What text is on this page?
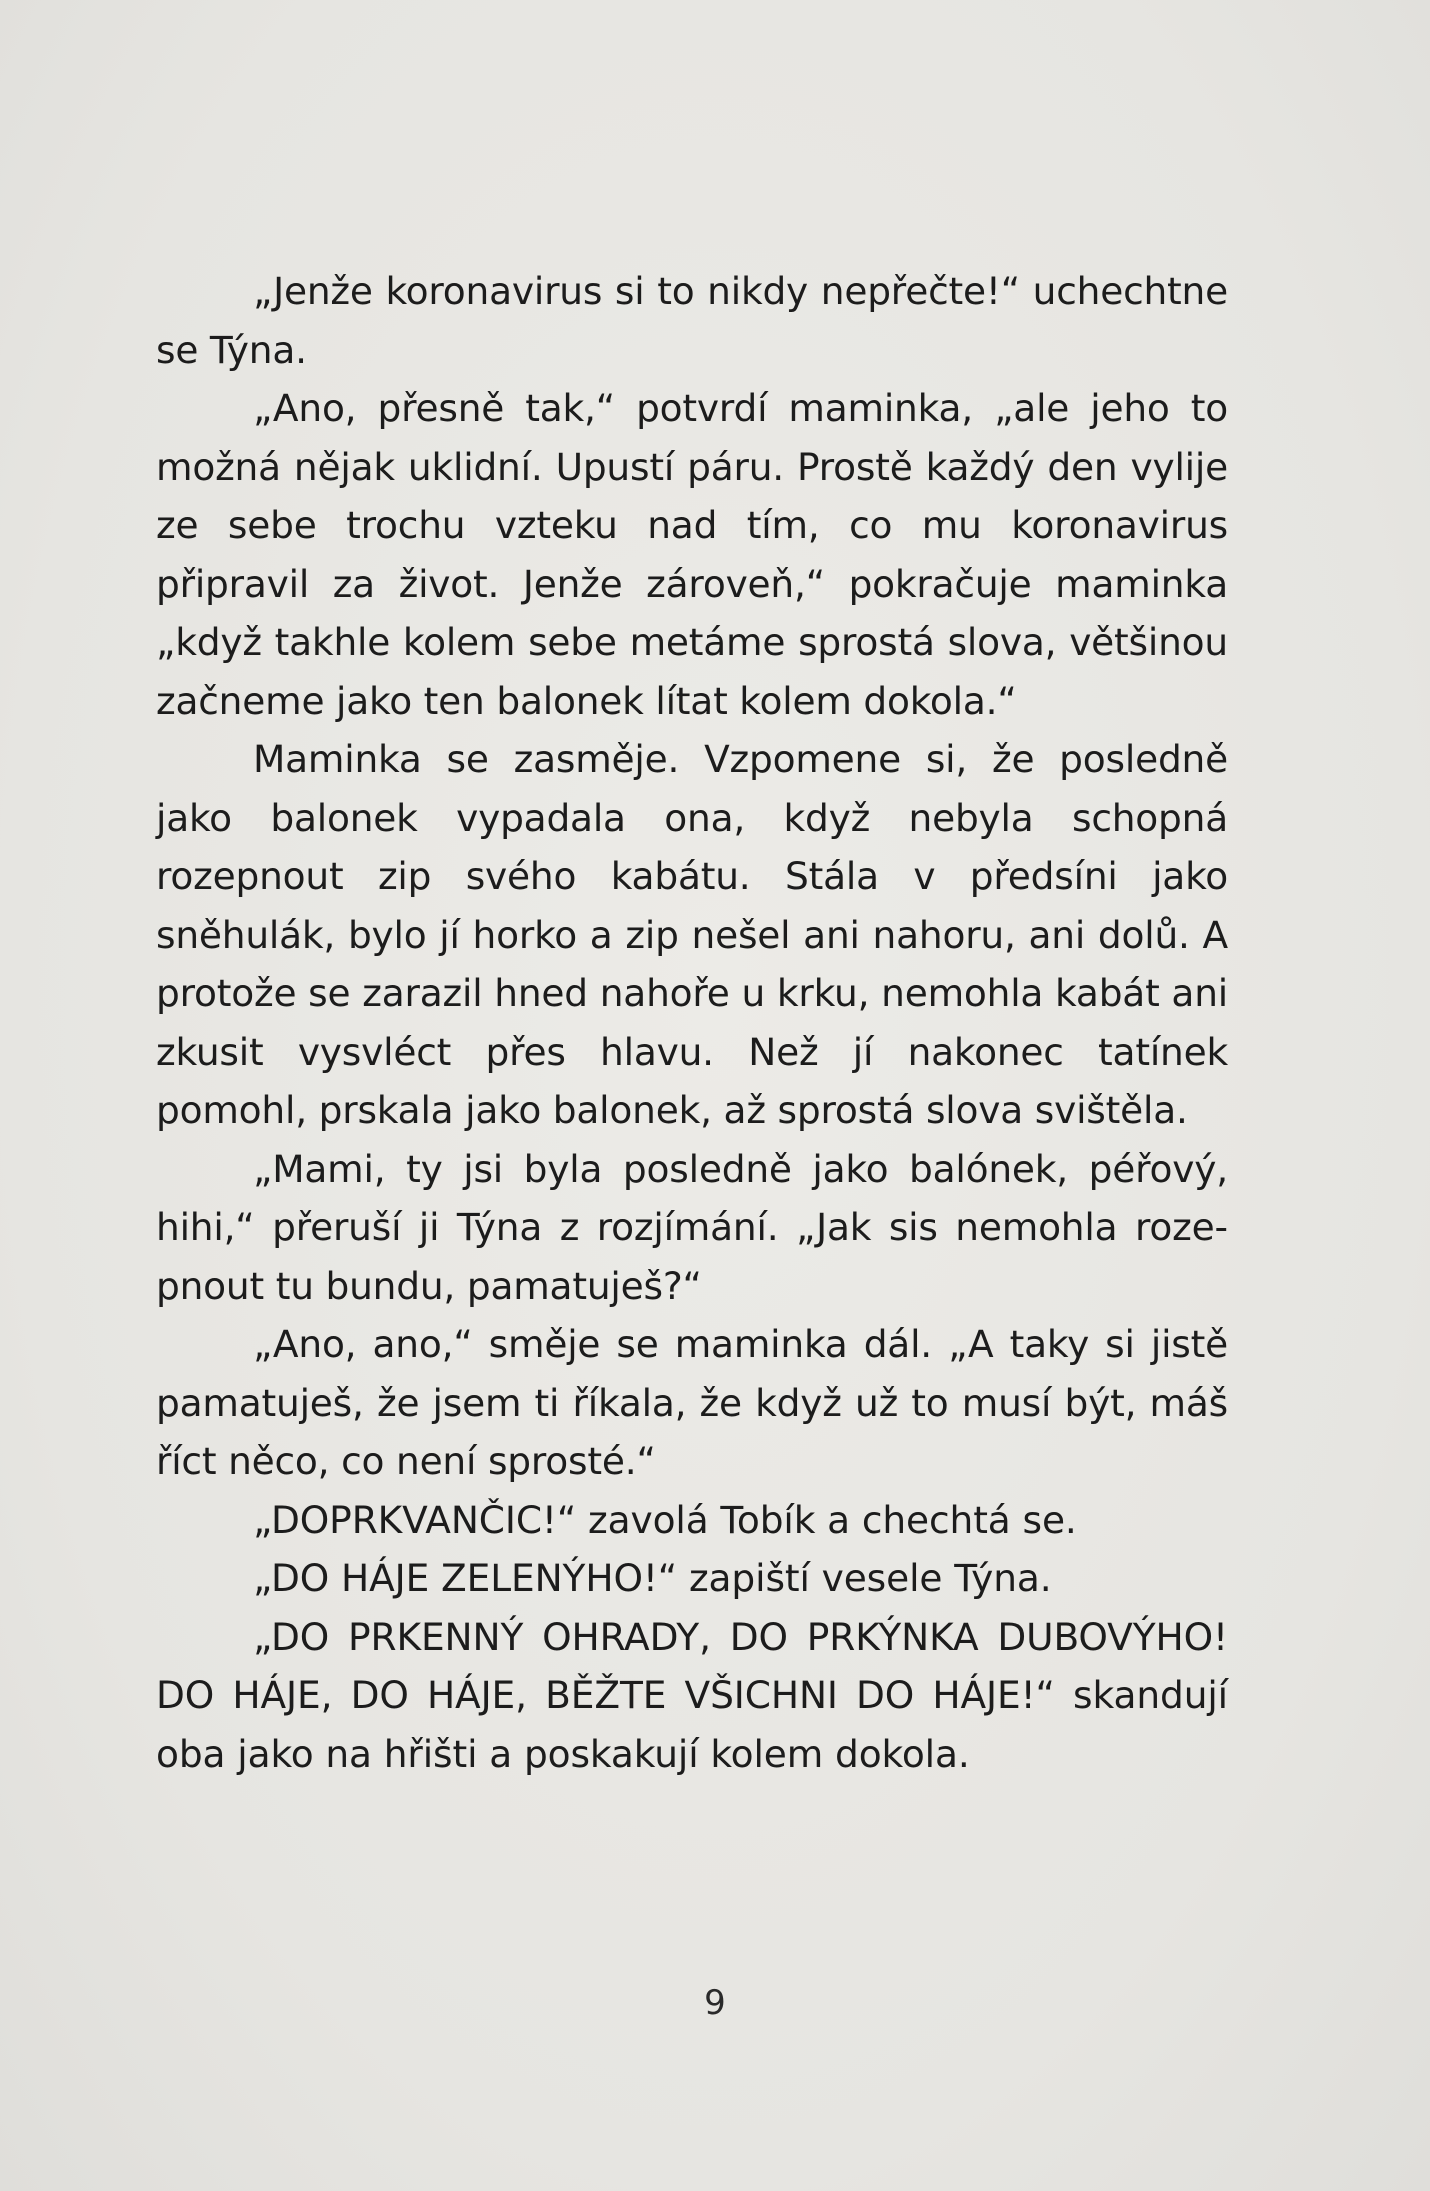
„Jenže koronavirus si to nikdy nepřečte!“ uchechtne se Týna.

„Ano, přesně tak,“ potvrdí maminka, „ale jeho to možná nějak uklidní. Upustí páru. Prostě každý den vylije ze sebe trochu vzteku nad tím, co mu koronavirus připravil za život. Jenže zároveň,“ pokračuje maminka „když takhle kolem sebe metáme sprostá slova, většinou začneme jako ten balonek lítat kolem dokola.“

Maminka se zasměje. Vzpomene si, že posledně jako balonek vypadala ona, když nebyla schopná rozepnout zip svého kabátu. Stála v předsíni jako sněhulák, bylo jí horko a zip nešel ani nahoru, ani dolů. A protože se zarazil hned nahoře u krku, nemohla kabát ani zkusit vysvléct přes hlavu. Než jí nakonec tatínek pomohl, prskala jako balonek, až sprostá slova svištěla.

„Mami, ty jsi byla posledně jako balónek, péřový, hihi,“ přeruší ji Týna z rozjímání. „Jak sis nemohla rozepnout tu bundu, pamatuješ?“

„Ano, ano,“ směje se maminka dál. „A taky si jistě pamatuješ, že jsem ti říkala, že když už to musí být, máš říct něco, co není sprosté.“

„DOPRKVANČIC!“ zavolá Tobík a chechtá se.

„DO HÁJE ZELENÝHO!“ zapiští vesele Týna.

„DO PRKENNÝ OHRADY, DO PRKÝNKA DUBOVÝHO! DO HÁJE, DO HÁJE, BĚŽTE VŠICHNI DO HÁJE!“ skandují oba jako na hřišti a poskakují kolem dokola.

9
